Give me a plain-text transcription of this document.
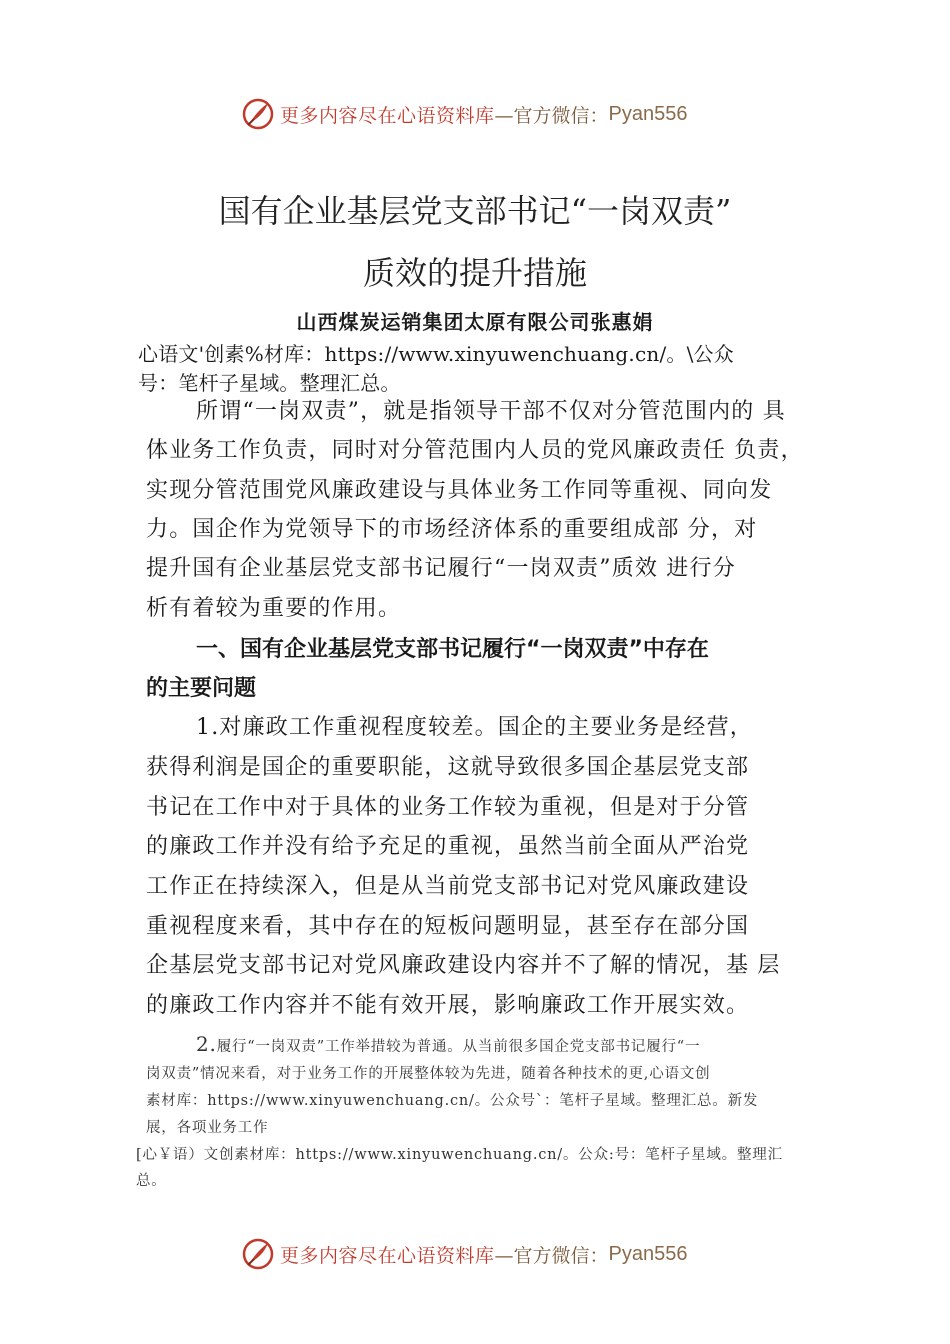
更多内容尽在心语资料库 —官方微信： Pyan556
国有企业基层党支部书记“一岗双责”
质效的提升措施
山西煤炭运销集团太原有限公司张惠娟
心语文'创素%材库：https://www.xinyuwenchuang.cn/。\公众
号：笔杆子星域。整理汇总。
所谓“一岗双责”，就是指领导干部不仅对分管范围内的 具
体业务工作负责，同时对分管范围内人员的党风廉政责任 负责，
实现分管范围党风廉政建设与具体业务工作同等重视、同向发
力。国企作为党领导下的市场经济体系的重要组成部 分，对
提升国有企业基层党支部书记履行“一岗双责”质效 进行分
析有着较为重要的作用。
一、国有企业基层党支部书记履行“一岗双责”中存在
的主要问题
1.对廉政工作重视程度较差。国企的主要业务是经营，
获得利润是国企的重要职能，这就导致很多国企基层党支部
书记在工作中对于具体的业务工作较为重视，但是对于分管
的廉政工作并没有给予充足的重视，虽然当前全面从严治党
工作正在持续深入，但是从当前党支部书记对党风廉政建设
重视程度来看，其中存在的短板问题明显，甚至存在部分国
企基层党支部书记对党风廉政建设内容并不了解的情况，基 层
的廉政工作内容并不能有效开展，影响廉政工作开展实效。
2.履行“一岗双责”工作举措较为普通。从当前很多国企党支部书记履行“一
岗双责”情况来看，对于业务工作的开展整体较为先进，随着各种技术的更,心语文创
素材库：https://www.xinyuwenchuang.cn/。公众号`：笔杆子星域。整理汇总。新发
展，各项业务工作
[心￥语）文创素材库：https://www.xinyuwenchuang.cn/。公众:号：笔杆子星域。整理汇
总。
更多内容尽在心语资料库 —官方微信： Pyan556
